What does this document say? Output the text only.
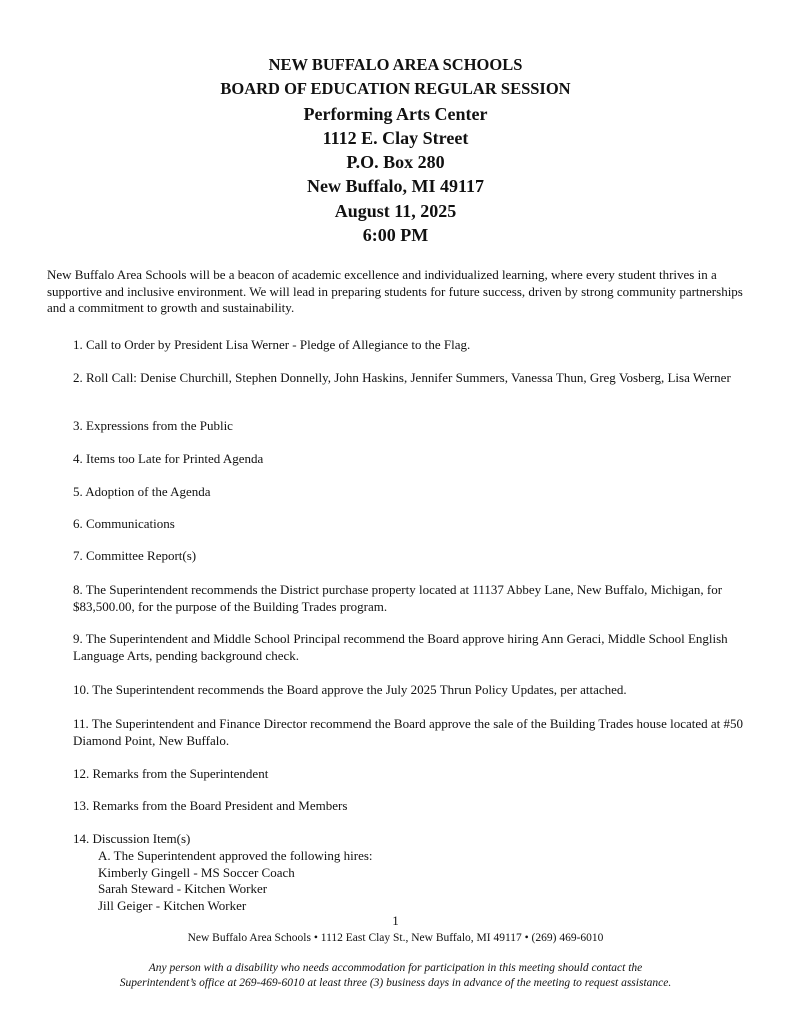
NEW BUFFALO AREA SCHOOLS
BOARD OF EDUCATION REGULAR SESSION
Performing Arts Center
1112 E. Clay Street
P.O. Box 280
New Buffalo, MI 49117
August 11, 2025
6:00 PM
New Buffalo Area Schools will be a beacon of academic excellence and individualized learning, where every student thrives in a supportive and inclusive environment. We will lead in preparing students for future success, driven by strong community partnerships and a commitment to growth and sustainability.
1. Call to Order by President Lisa Werner - Pledge of Allegiance to the Flag.
2. Roll Call: Denise Churchill, Stephen Donnelly, John Haskins, Jennifer Summers, Vanessa Thun, Greg Vosberg, Lisa Werner
3. Expressions from the Public
4. Items too Late for Printed Agenda
5. Adoption of the Agenda
6. Communications
7. Committee Report(s)
8. The Superintendent recommends the District purchase property located at 11137 Abbey Lane, New Buffalo, Michigan, for $83,500.00, for the purpose of the Building Trades program.
9. The Superintendent and Middle School Principal recommend the Board approve hiring Ann Geraci, Middle School English Language Arts, pending background check.
10. The Superintendent recommends the Board approve the July 2025 Thrun Policy Updates, per attached.
11. The Superintendent and Finance Director recommend the Board approve the sale of the Building Trades house located at #50 Diamond Point, New Buffalo.
12. Remarks from the Superintendent
13. Remarks from the Board President and Members
14. Discussion Item(s)
A. The Superintendent approved the following hires:
Kimberly Gingell - MS Soccer Coach
Sarah Steward - Kitchen Worker
Jill Geiger - Kitchen Worker
1
New Buffalo Area Schools • 1112 East Clay St., New Buffalo, MI 49117 • (269) 469-6010
Any person with a disability who needs accommodation for participation in this meeting should contact the
Superintendent’s office at 269-469-6010 at least three (3) business days in advance of the meeting to request assistance.
